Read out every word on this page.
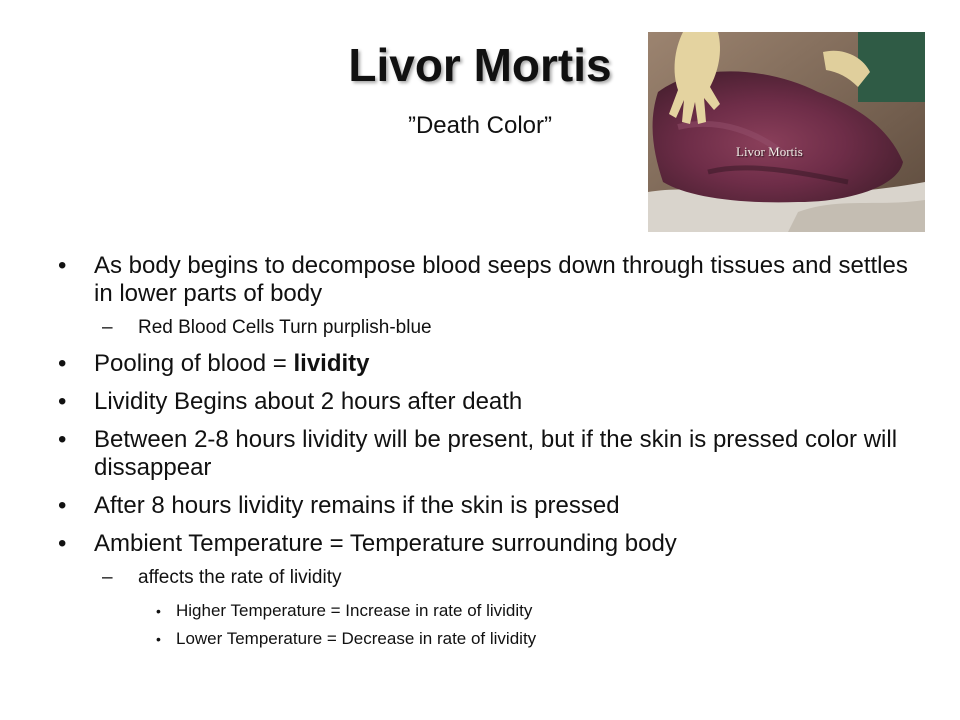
Livor Mortis
Livor Mortis
”Death Color”
• As body begins to decompose blood seeps down through tissues and settles in lower parts of body
– Red Blood Cells Turn purplish-blue
• Pooling of blood = lividity
• Lividity Begins about 2 hours after death
• Between 2-8 hours lividity will be present, but if the skin is pressed color will dissappear
• After 8 hours lividity remains if the skin is pressed
• Ambient Temperature = Temperature surrounding body
– affects the rate of lividity
• Higher Temperature = Increase in rate of lividity
• Lower Temperature = Decrease in rate of lividity
